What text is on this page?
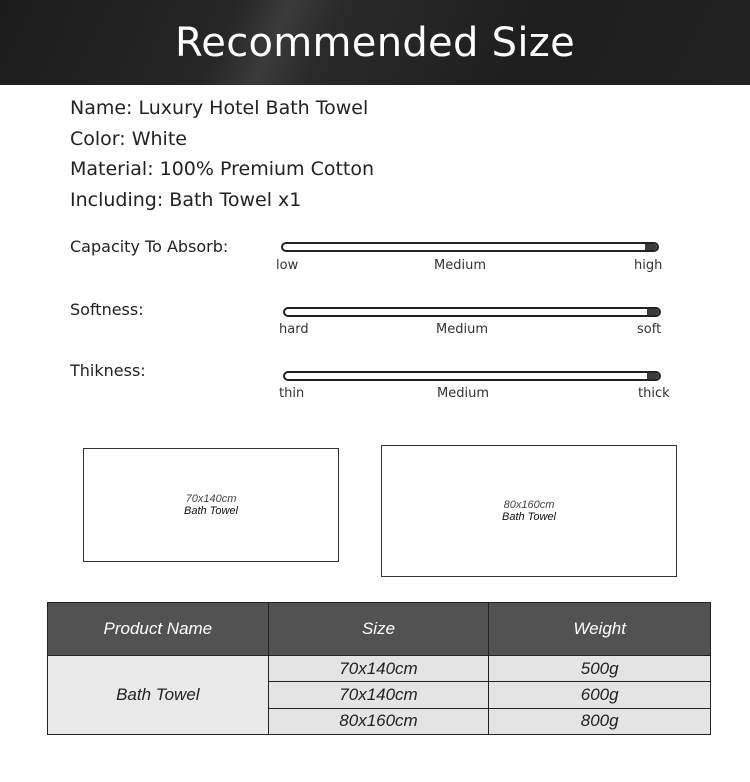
Recommended Size
Name: Luxury Hotel Bath Towel
Color: White
Material: 100% Premium Cotton
Including: Bath Towel x1
Capacity To Absorb:
low	Medium	high
Softness:
hard	Medium	soft
Thikness:
thin	Medium	thick
70x140cm
Bath Towel	80x160cm
Bath Towel
Product Name	Size	Weight
Bath Towel	70x140cm	500g
	70x140cm	600g
	80x160cm	800g
